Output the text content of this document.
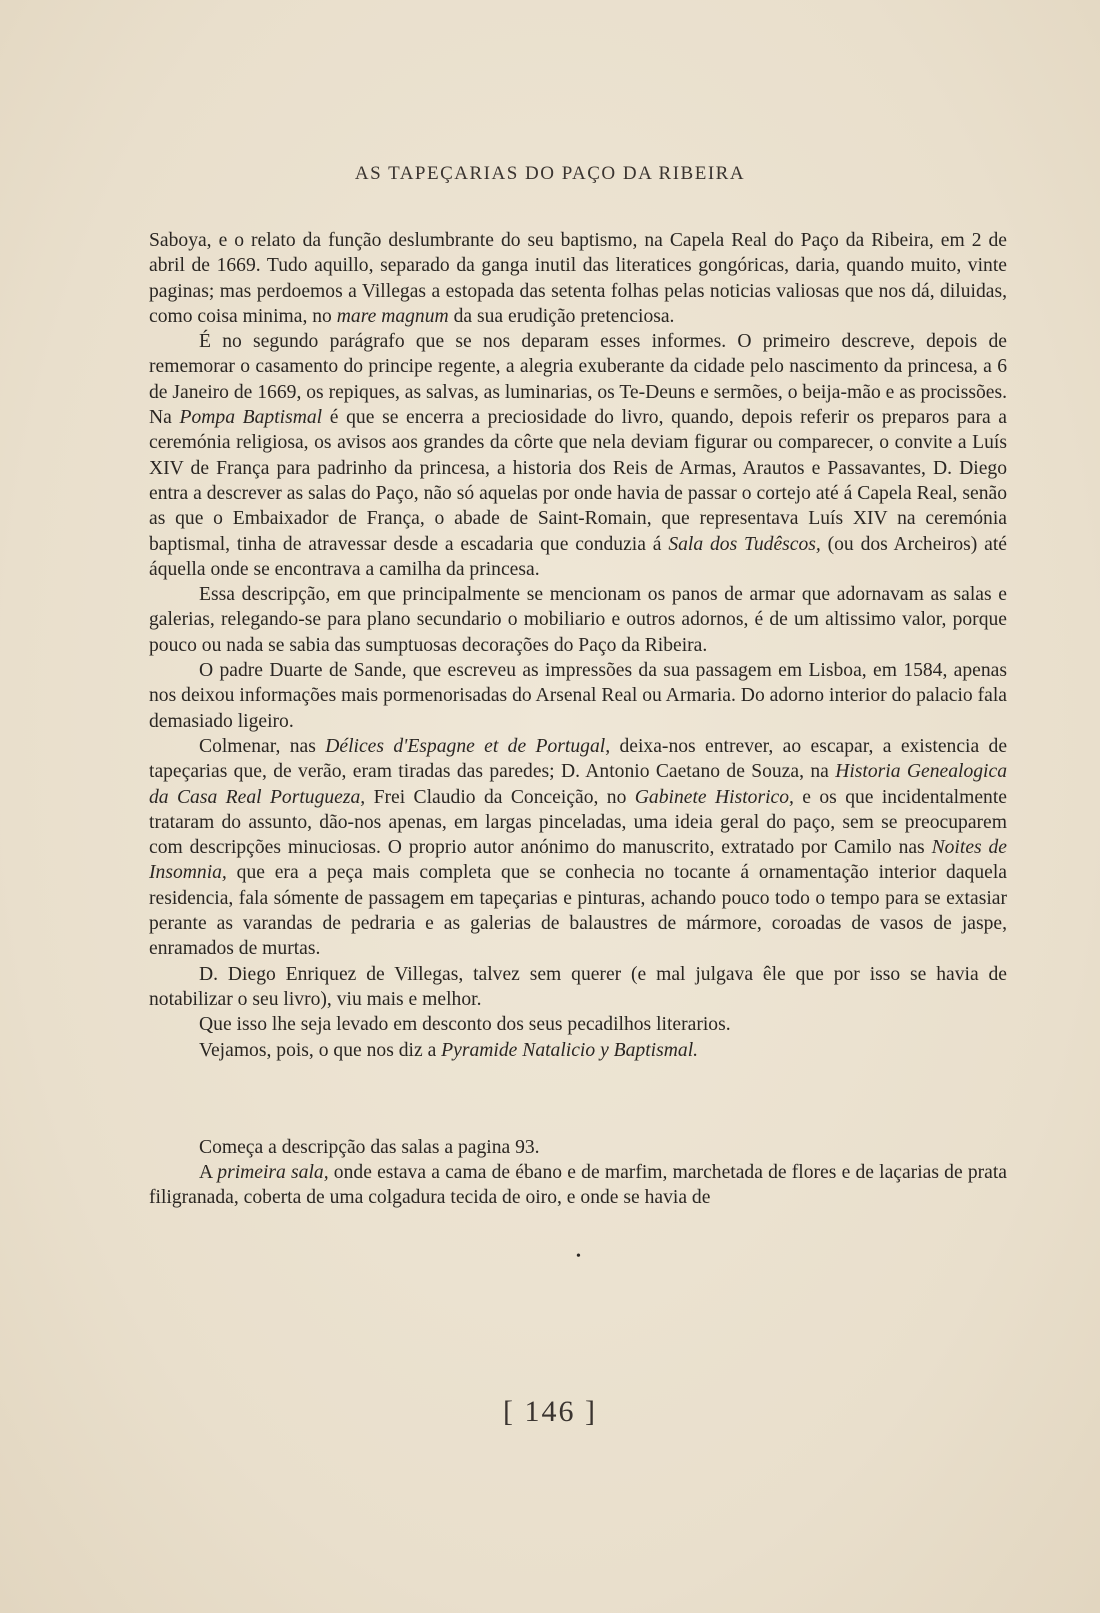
AS TAPEÇARIAS DO PAÇO DA RIBEIRA

Saboya, e o relato da função deslumbrante do seu baptismo, na Capela Real do Paço da Ribeira, em 2 de abril de 1669. Tudo aquillo, separado da ganga inutil das literatices gongóricas, daria, quando muito, vinte paginas; mas perdoemos a Villegas a estopada das setenta folhas pelas noticias valiosas que nos dá, diluidas, como coisa minima, no mare magnum da sua erudição pretenciosa.

É no segundo parágrafo que se nos deparam esses informes. O primeiro descreve, depois de rememorar o casamento do principe regente, a alegria exuberante da cidade pelo nascimento da princesa, a 6 de Janeiro de 1669, os repiques, as salvas, as luminarias, os Te-Deuns e sermões, o beija-mão e as procissões. Na Pompa Baptismal é que se encerra a preciosidade do livro, quando, depois referir os preparos para a ceremónia religiosa, os avisos aos grandes da côrte que nela deviam figurar ou comparecer, o convite a Luís XIV de França para padrinho da princesa, a historia dos Reis de Armas, Arautos e Passavantes, D. Diego entra a descrever as salas do Paço, não só aquelas por onde havia de passar o cortejo até á Capela Real, senão as que o Embaixador de França, o abade de Saint-Romain, que representava Luís XIV na ceremónia baptismal, tinha de atravessar desde a escadaria que conduzia á Sala dos Tudêscos, (ou dos Archeiros) até áquella onde se encontrava a camilha da princesa.

Essa descripção, em que principalmente se mencionam os panos de armar que adornavam as salas e galerias, relegando-se para plano secundario o mobiliario e outros adornos, é de um altissimo valor, porque pouco ou nada se sabia das sumptuosas decorações do Paço da Ribeira.

O padre Duarte de Sande, que escreveu as impressões da sua passagem em Lisboa, em 1584, apenas nos deixou informações mais pormenorisadas do Arsenal Real ou Armaria. Do adorno interior do palacio fala demasiado ligeiro.

Colmenar, nas Délices d'Espagne et de Portugal, deixa-nos entrever, ao escapar, a existencia de tapeçarias que, de verão, eram tiradas das paredes; D. Antonio Caetano de Souza, na Historia Genealogica da Casa Real Portugueza, Frei Claudio da Conceição, no Gabinete Historico, e os que incidentalmente trataram do assunto, dão-nos apenas, em largas pinceladas, uma ideia geral do paço, sem se preocuparem com descripções minuciosas. O proprio autor anónimo do manuscrito, extratado por Camilo nas Noites de Insomnia, que era a peça mais completa que se conhecia no tocante á ornamentação interior daquela residencia, fala sómente de passagem em tapeçarias e pinturas, achando pouco todo o tempo para se extasiar perante as varandas de pedraria e as galerias de balaustres de mármore, coroadas de vasos de jaspe, enramados de murtas.

D. Diego Enriquez de Villegas, talvez sem querer (e mal julgava êle que por isso se havia de notabilizar o seu livro), viu mais e melhor.

Que isso lhe seja levado em desconto dos seus pecadilhos literarios.

Vejamos, pois, o que nos diz a Pyramide Natalicio y Baptismal.

Começa a descripção das salas a pagina 93.

A primeira sala, onde estava a cama de ébano e de marfim, marchetada de flores e de laçarias de prata filigranada, coberta de uma colgadura tecida de oiro, e onde se havia de

•
[ 146 ]
